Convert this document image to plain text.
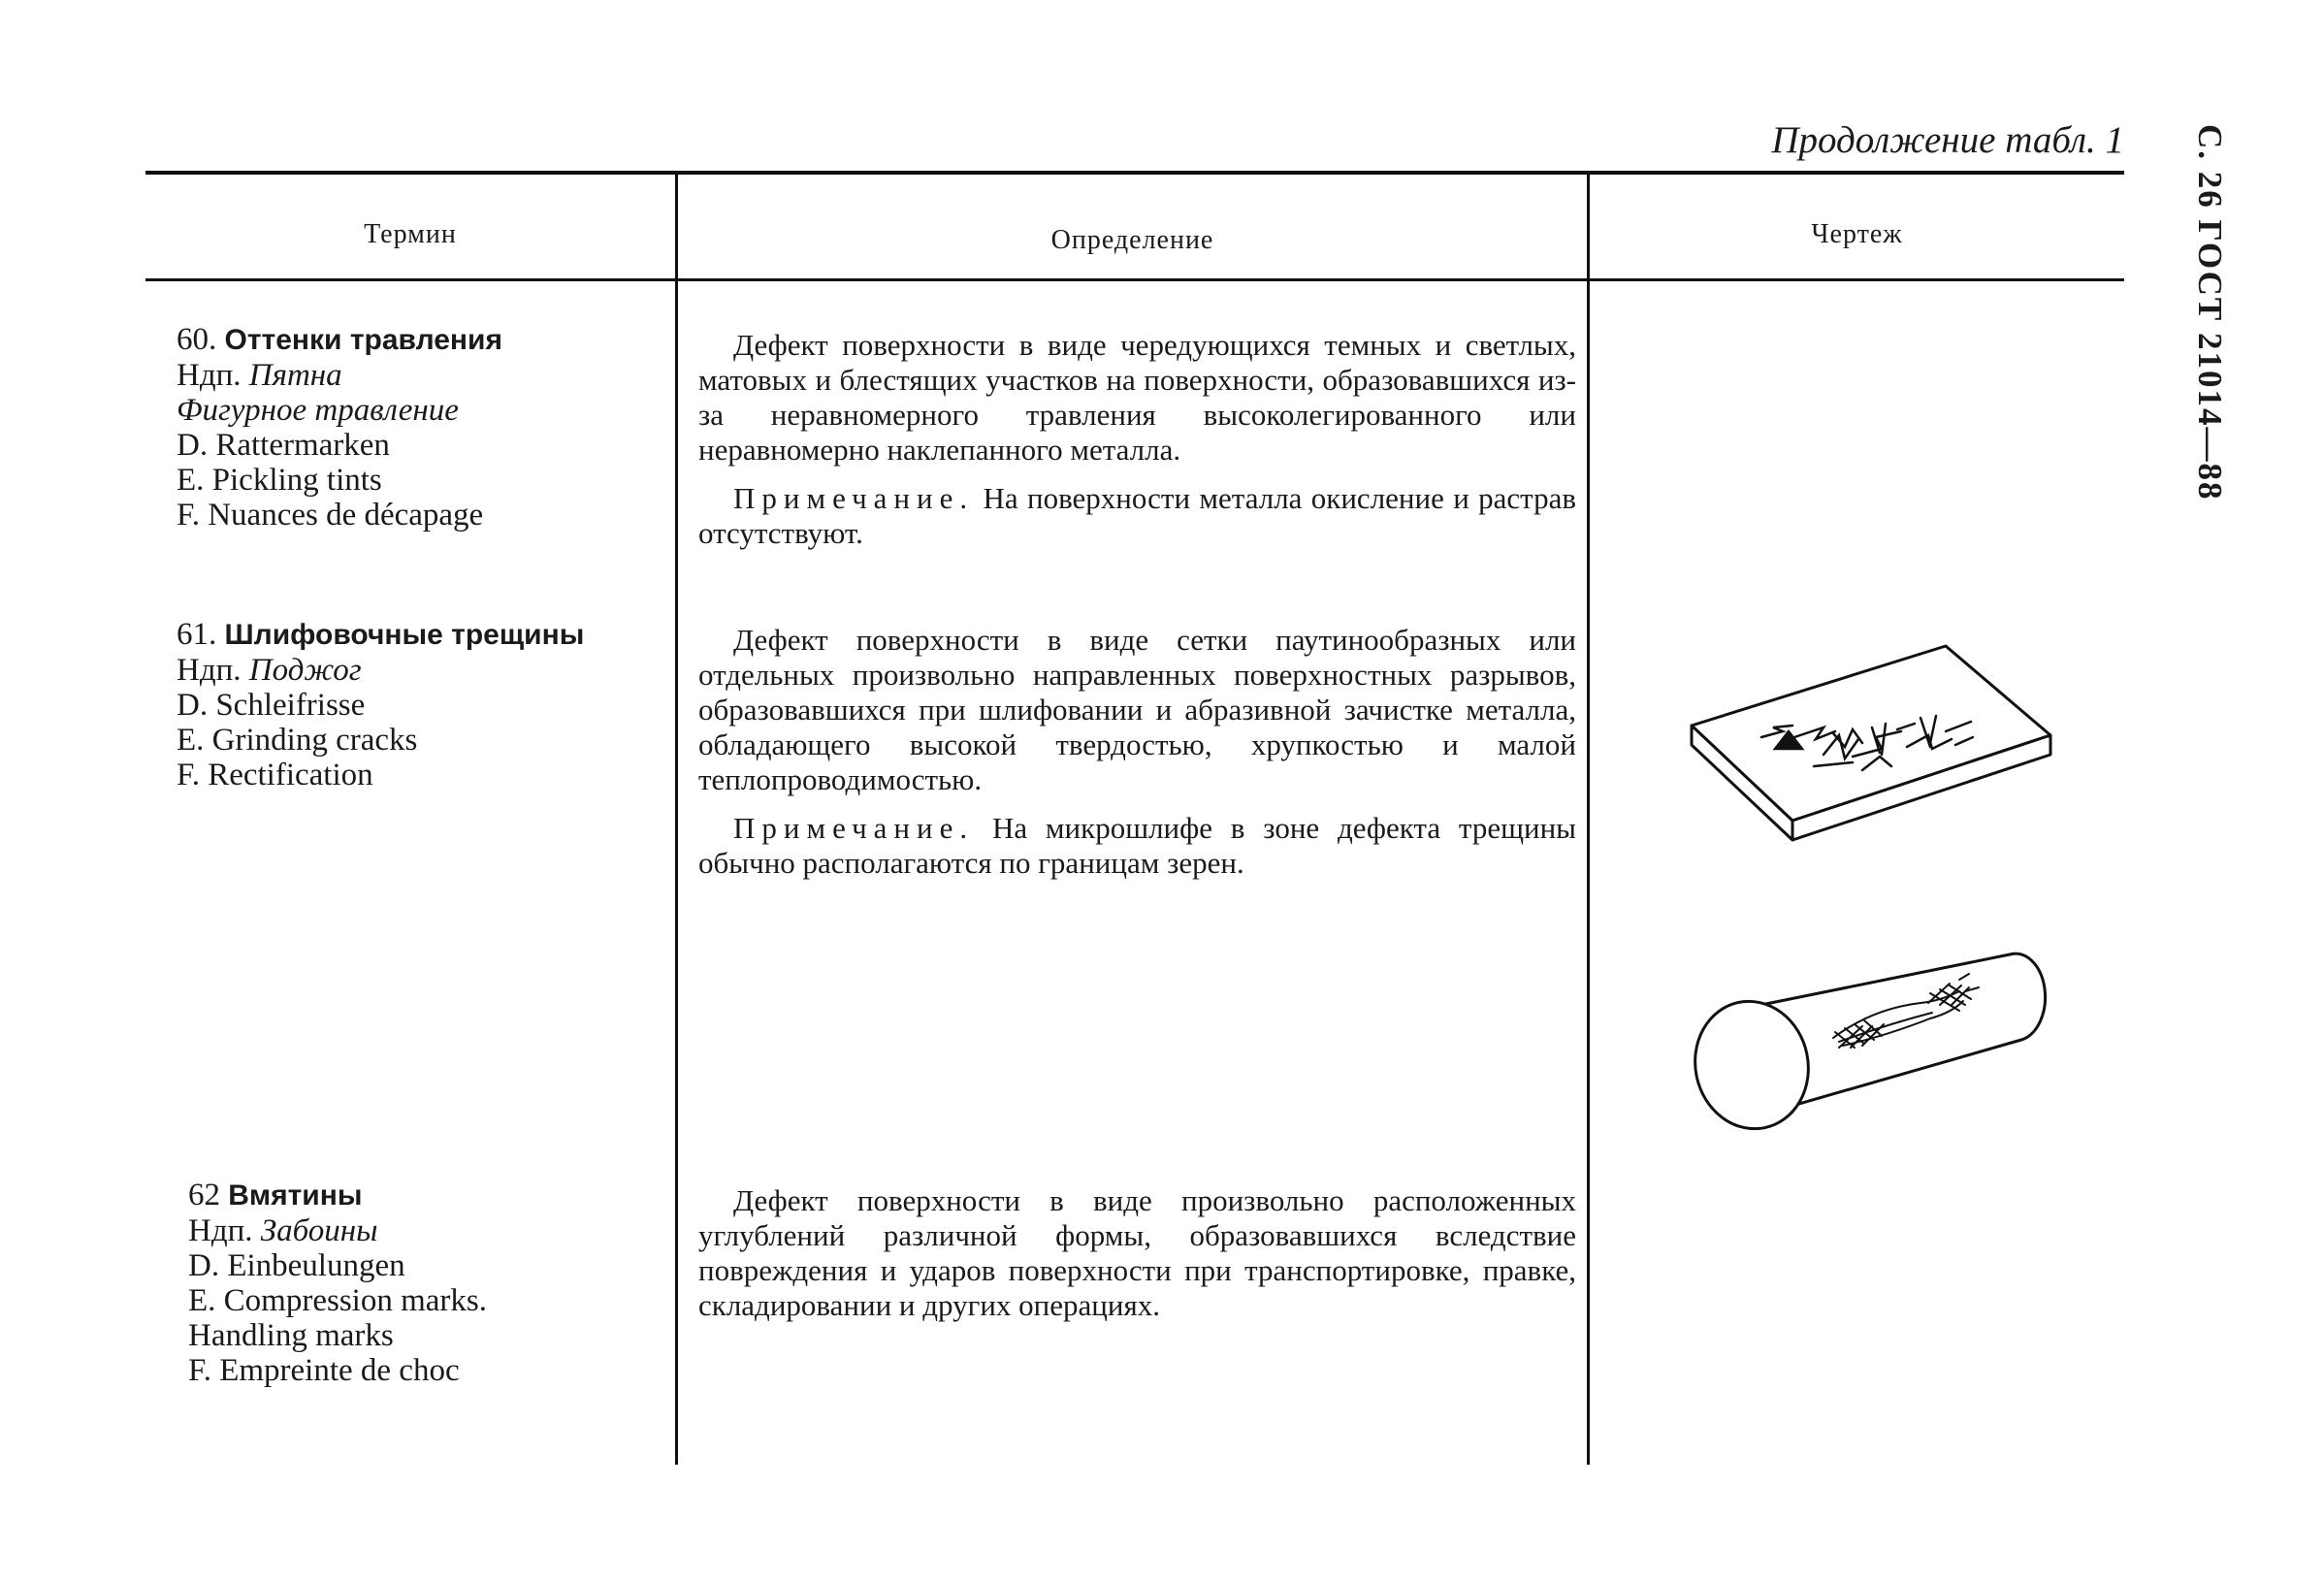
Продолжение табл. 1 С. 26 ГОСТ 21014—88
Термин	Определение	Чертеж
60. Оттенки травления
Ндп. Пятна
Фигурное травление
D. Rattermarken
E. Pickling tints
F. Nuances de décapage

Дефект поверхности в виде чередующихся темных и светлых, матовых и блестящих участков на поверхности, образовавшихся из-за неравномерного травления высоколегированного или неравномерно наклепанного металла.

Примечание. На поверхности металла окисление и растрав отсутствуют.

61. Шлифовочные трещины
Ндп. Поджог
D. Schleifrisse
E. Grinding cracks
F. Rectification

Дефект поверхности в виде сетки паутинообразных или отдельных произвольно направленных поверхностных разрывов, образовавшихся при шлифовании и абразивной зачистке металла, обладающего высокой твердостью, хрупкостью и малой теплопроводимостью.

Примечание. На микрошлифе в зоне дефекта трещины обычно располагаются по границам зерен.

62 Вмятины
Ндп. Забоины
D. Einbeulungen
E. Compression marks.
Handling marks
F. Empreinte de choc

Дефект поверхности в виде произвольно расположенных углублений различной формы, образовавшихся вследствие повреждения и ударов поверхности при транспортировке, правке, складировании и других операциях.
